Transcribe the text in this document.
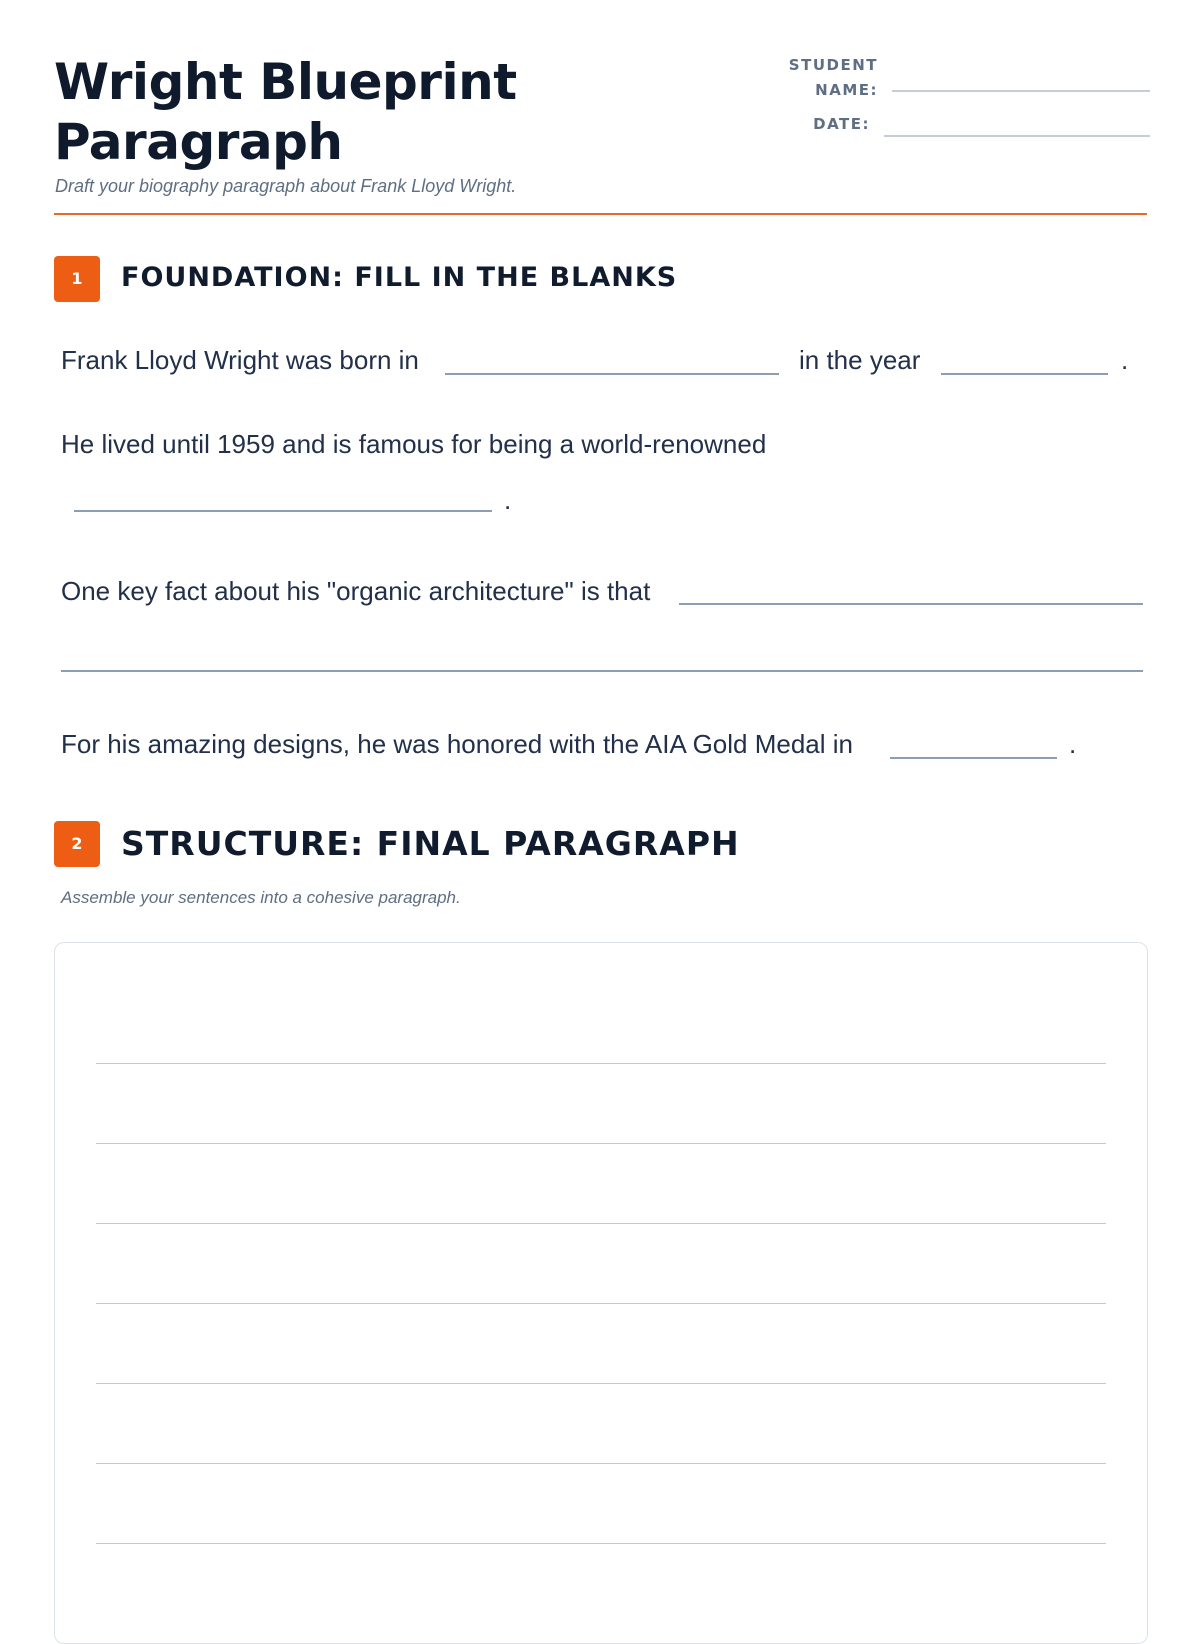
Wright Blueprint
Paragraph
Draft your biography paragraph about Frank Lloyd Wright.
STUDENT
NAME:
DATE:
1	FOUNDATION: FILL IN THE BLANKS
Frank Lloyd Wright was born in	in the year	.
He lived until 1959 and is famous for being a world-renowned
.
One key fact about his "organic architecture" is that
For his amazing designs, he was honored with the AIA Gold Medal in	.
2	STRUCTURE: FINAL PARAGRAPH
Assemble your sentences into a cohesive paragraph.
